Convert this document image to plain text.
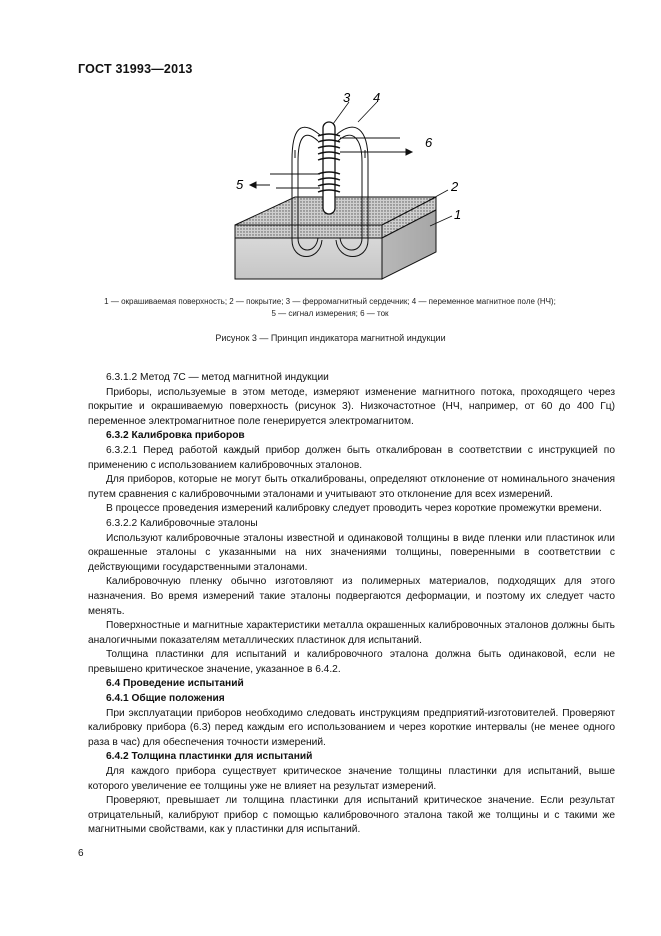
ГОСТ 31993—2013
3 4
6
5	2
1
1 — окрашиваемая поверхность; 2 — покрытие; 3 — ферромагнитный сердечник; 4 — переменное магнитное поле (НЧ);
5 — сигнал измерения; 6 — ток
Рисунок 3 — Принцип индикатора магнитной индукции

6.3.1.2 Метод 7С — метод магнитной индукции

Приборы, используемые в этом методе, измеряют изменение магнитного потока, проходящего через покрытие и окрашиваемую поверхность (рисунок 3). Низкочастотное (НЧ, например, от 60 до 400 Гц) переменное электромагнитное поле генерируется электромагнитом.

6.3.2 Калибровка приборов

6.3.2.1 Перед работой каждый прибор должен быть откалиброван в соответствии с инструкцией по применению с использованием калибровочных эталонов.

Для приборов, которые не могут быть откалиброваны, определяют отклонение от номинального значения путем сравнения с калибровочными эталонами и учитывают это отклонение для всех измерений.

В процессе проведения измерений калибровку следует проводить через короткие промежутки времени.

6.3.2.2 Калибровочные эталоны

Используют калибровочные эталоны известной и одинаковой толщины в виде пленки или пластинок или окрашенные эталоны с указанными на них значениями толщины, поверенными в соответствии с действующими государственными эталонами.

Калибровочную пленку обычно изготовляют из полимерных материалов, подходящих для этого назначения. Во время измерений такие эталоны подвергаются деформации, и поэтому их следует часто менять.

Поверхностные и магнитные характеристики металла окрашенных калибровочных эталонов должны быть аналогичными показателям металлических пластинок для испытаний.

Толщина пластинки для испытаний и калибровочного эталона должна быть одинаковой, если не превышено критическое значение, указанное в 6.4.2.

6.4 Проведение испытаний

6.4.1 Общие положения

При эксплуатации приборов необходимо следовать инструкциям предприятий-изготовителей. Проверяют калибровку прибора (6.3) перед каждым его использованием и через короткие интервалы (не менее одного раза в час) для обеспечения точности измерений.

6.4.2 Толщина пластинки для испытаний

Для каждого прибора существует критическое значение толщины пластинки для испытаний, выше которого увеличение ее толщины уже не влияет на результат измерений.

Проверяют, превышает ли толщина пластинки для испытаний критическое значение. Если результат отрицательный, калибруют прибор с помощью калибровочного эталона такой же толщины и с такими же магнитными свойствами, как у пластинки для испытаний.

6
